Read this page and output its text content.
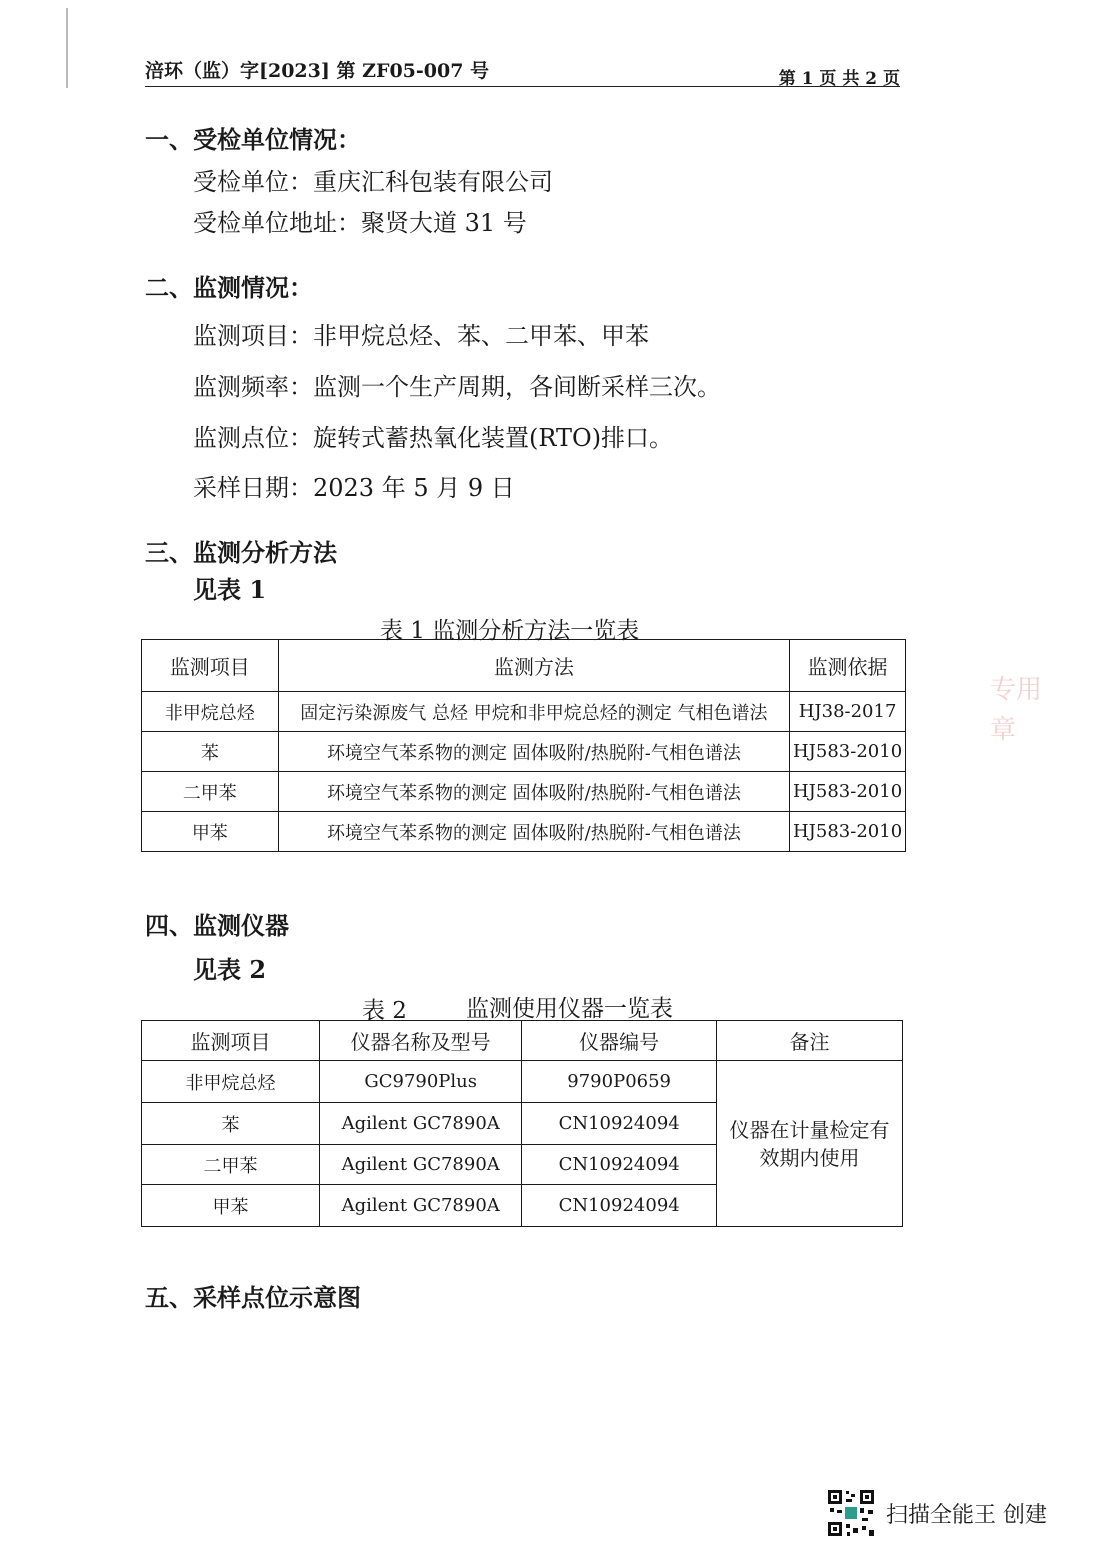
涪环（监）字[2023] 第 ZF05-007 号	第 1 页 共 2 页
一、受检单位情况：
受检单位：重庆汇科包装有限公司
受检单位地址：聚贤大道 31 号
二、监测情况：
监测项目：非甲烷总烃、苯、二甲苯、甲苯
监测频率：监测一个生产周期，各间断采样三次。
监测点位：旋转式蓄热氧化装置(RTO)排口。
采样日期：2023 年 5 月 9 日
三、监测分析方法
见表 1
表 1 监测分析方法一览表
监测项目	监测方法	监测依据
非甲烷总烃	固定污染源废气 总烃 甲烷和非甲烷总烃的测定 气相色谱法	HJ38-2017
苯	环境空气苯系物的测定 固体吸附/热脱附-气相色谱法	HJ583-2010
二甲苯	环境空气苯系物的测定 固体吸附/热脱附-气相色谱法	HJ583-2010
甲苯	环境空气苯系物的测定 固体吸附/热脱附-气相色谱法	HJ583-2010
四、监测仪器
见表 2
表 2	监测使用仪器一览表
监测项目	仪器名称及型号	仪器编号	备注
非甲烷总烃	GC9790Plus	9790P0659	仪器在计量检定有效期内使用
苯	Agilent GC7890A	CN10924094	
二甲苯	Agilent GC7890A	CN10924094	
甲苯	Agilent GC7890A	CN10924094	
五、采样点位示意图
专用章
扫描全能王 创建
